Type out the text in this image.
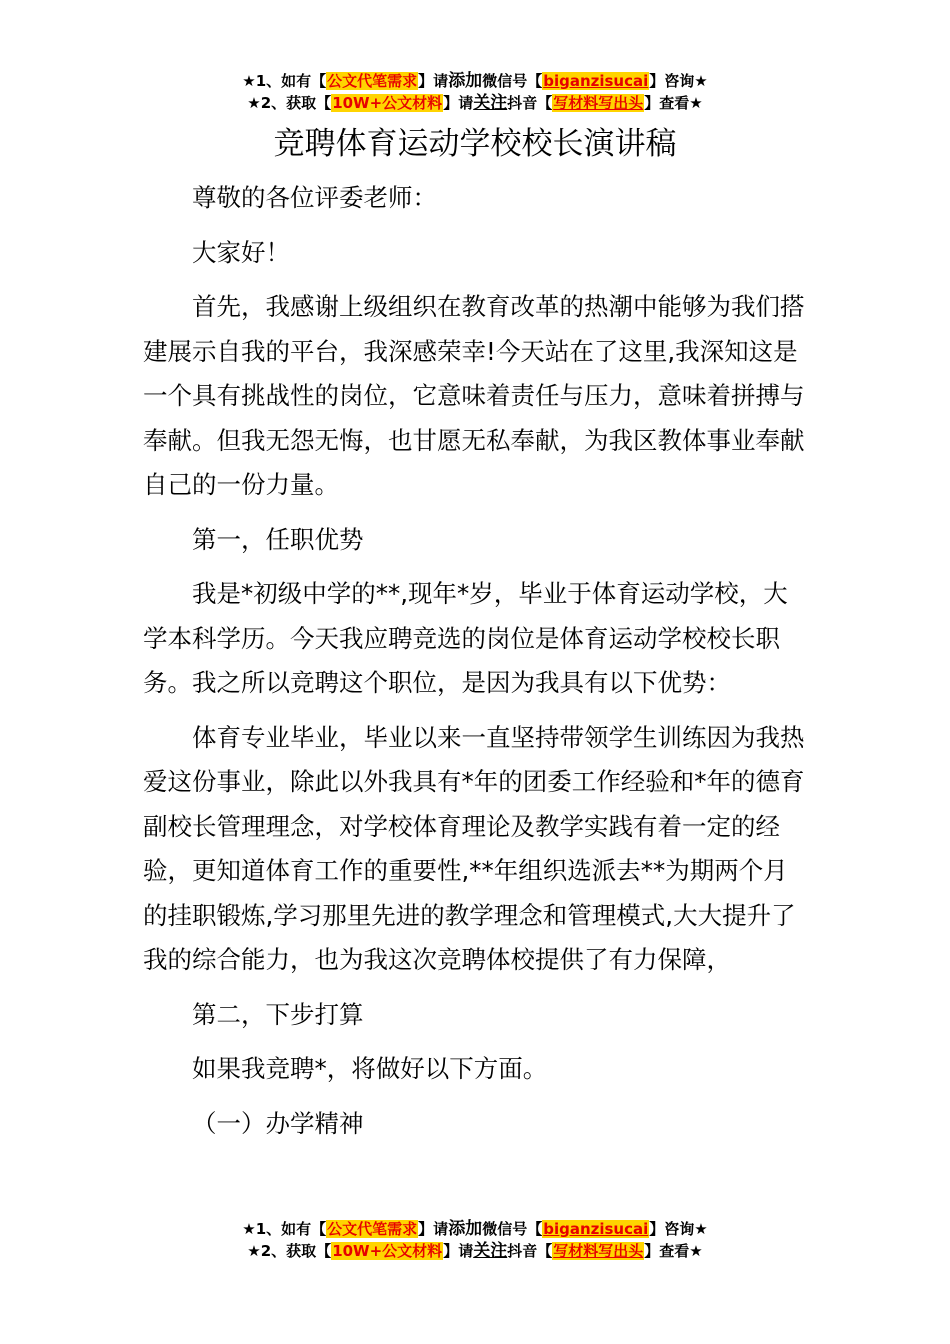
★1、如有【公文代笔需求】请添加微信号【biganzisucai】咨询★
★2、获取【10W+公文材料】请关注抖音【写材料写出头】查看★
竞聘体育运动学校校长演讲稿

尊敬的各位评委老师：

大家好！

首先，我感谢上级组织在教育改革的热潮中能够为我们搭建展示自我的平台，我深感荣幸!今天站在了这里,我深知这是一个具有挑战性的岗位，它意味着责任与压力，意味着拼搏与奉献。但我无怨无悔，也甘愿无私奉献，为我区教体事业奉献自己的一份力量。

第一，任职优势

我是*初级中学的**,现年*岁，毕业于体育运动学校，大学本科学历。今天我应聘竞选的岗位是体育运动学校校长职务。我之所以竞聘这个职位，是因为我具有以下优势：

体育专业毕业，毕业以来一直坚持带领学生训练因为我热爱这份事业，除此以外我具有*年的团委工作经验和*年的德育副校长管理理念，对学校体育理论及教学实践有着一定的经验，更知道体育工作的重要性,**年组织选派去**为期两个月的挂职锻炼,学习那里先进的教学理念和管理模式,大大提升了我的综合能力，也为我这次竞聘体校提供了有力保障，

第二，下步打算

如果我竞聘*，将做好以下方面。

（一）办学精神

★1、如有【公文代笔需求】请添加微信号【biganzisucai】咨询★
★2、获取【10W+公文材料】请关注抖音【写材料写出头】查看★
